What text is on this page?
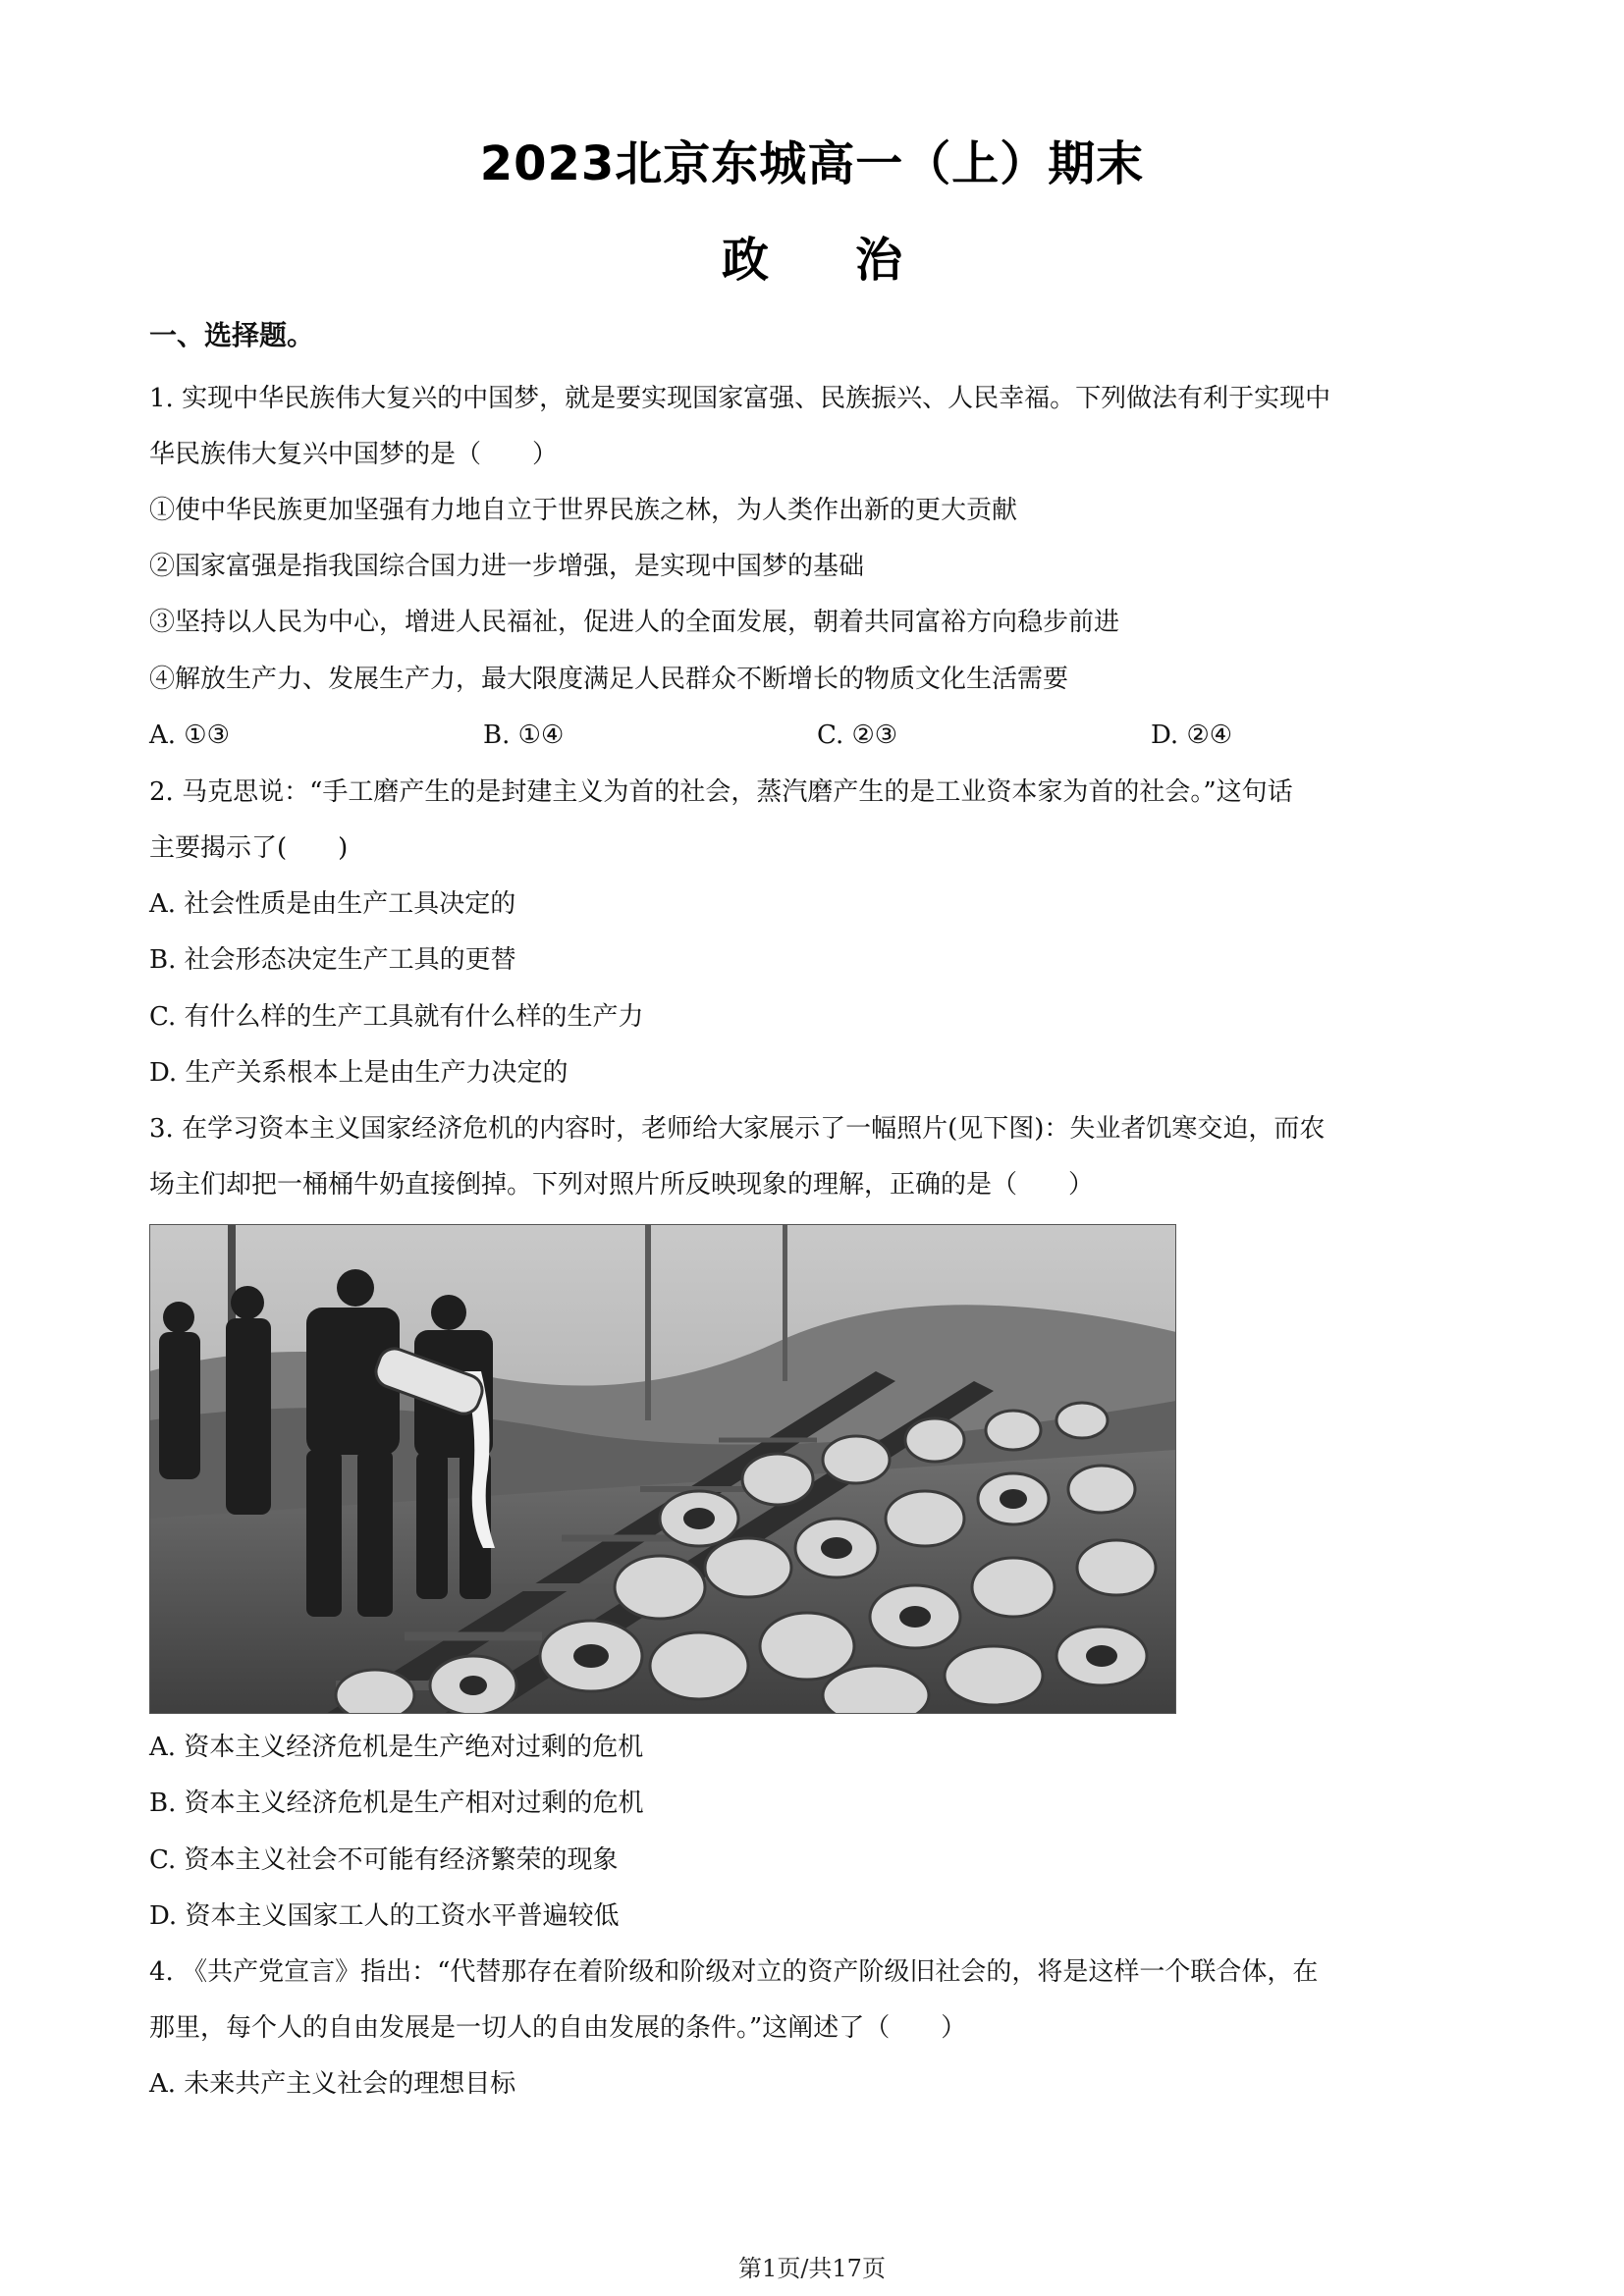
2023北京东城高一（上）期末
政 治
一、选择题。
1. 实现中华民族伟大复兴的中国梦，就是要实现国家富强、民族振兴、人民幸福。下列做法有利于实现中
华民族伟大复兴中国梦的是（　　）
①使中华民族更加坚强有力地自立于世界民族之林，为人类作出新的更大贡献
②国家富强是指我国综合国力进一步增强，是实现中国梦的基础
③坚持以人民为中心，增进人民福祉，促进人的全面发展，朝着共同富裕方向稳步前进
④解放生产力、发展生产力，最大限度满足人民群众不断增长的物质文化生活需要
A. ①③	B. ①④	C. ②③	D. ②④
2. 马克思说：“手工磨产生的是封建主义为首的社会，蒸汽磨产生的是工业资本家为首的社会。”这句话
主要揭示了(　　)
A. 社会性质是由生产工具决定的
B. 社会形态决定生产工具的更替
C. 有什么样的生产工具就有什么样的生产力
D. 生产关系根本上是由生产力决定的
3. 在学习资本主义国家经济危机的内容时，老师给大家展示了一幅照片(见下图)：失业者饥寒交迫，而农
场主们却把一桶桶牛奶直接倒掉。下列对照片所反映现象的理解，正确的是（　　）
A. 资本主义经济危机是生产绝对过剩的危机
B. 资本主义经济危机是生产相对过剩的危机
C. 资本主义社会不可能有经济繁荣的现象
D. 资本主义国家工人的工资水平普遍较低
4. 《共产党宣言》指出：“代替那存在着阶级和阶级对立的资产阶级旧社会的，将是这样一个联合体，在
那里，每个人的自由发展是一切人的自由发展的条件。”这阐述了（　　）
A. 未来共产主义社会的理想目标
第1页/共17页
